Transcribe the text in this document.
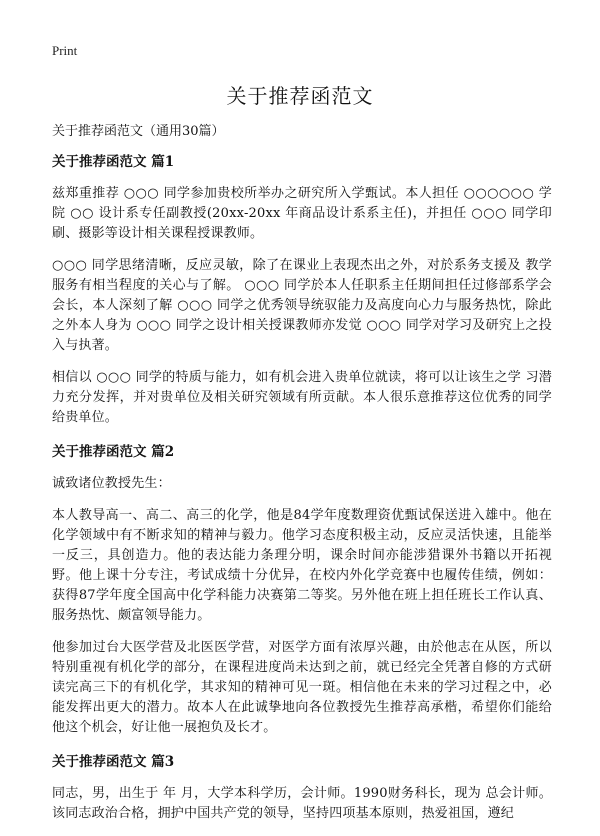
Print
关于推荐函范文
关于推荐函范文（通用30篇）
关于推荐函范文 篇1

兹郑重推荐 ○○○ 同学参加贵校所举办之研究所入学甄试。本人担任 ○○○○○○ 学院 ○○ 设计系专任副教授(20xx-20xx 年商品设计系系主任)，并担任 ○○○ 同学印刷、摄影等设计相关课程授课教师。

○○○ 同学思绪清晰，反应灵敏，除了在课业上表现杰出之外，对於系务支援及 教学服务有相当程度的关心与了解。 ○○○ 同学於本人任职系主任期间担任过修部系学会会长，本人深刻了解 ○○○ 同学之优秀领导统驭能力及高度向心力与服务热忱，除此之外本人身为 ○○○ 同学之设计相关授课教师亦发觉 ○○○ 同学对学习及研究上之投入与执著。

相信以 ○○○ 同学的特质与能力，如有机会进入贵单位就读，将可以让该生之学 习潜力充分发挥，并对贵单位及相关研究领域有所贡献。本人很乐意推荐这位优秀的同学给贵单位。

关于推荐函范文 篇2

诚致诸位教授先生：

本人教导高一、高二、高三的化学，他是84学年度数理资优甄试保送进入雄中。他在化学领域中有不断求知的精神与毅力。他学习态度积极主动，反应灵活快速，且能举一反三，具创造力。他的表达能力条理分明，课余时间亦能涉猎课外书籍以开拓视野。他上课十分专注，考试成绩十分优异，在校内外化学竞赛中也履传佳绩，例如：获得87学年度全国高中化学科能力决赛第二等奖。另外他在班上担任班长工作认真、服务热忱、颇富领导能力。

他参加过台大医学营及北医医学营，对医学方面有浓厚兴趣，由於他志在从医，所以特别重视有机化学的部分，在课程进度尚未达到之前，就已经完全凭著自修的方式研读完高三下的有机化学，其求知的精神可见一斑。相信他在未来的学习过程之中，必能发挥出更大的潜力。故本人在此诚挚地向各位教授先生推荐高承楷，希望你们能给他这个机会，好让他一展抱负及长才。

关于推荐函范文 篇3

同志，男，出生于 年 月，大学本科学历，会计师。1990财务科长，现为 总会计师。该同志政治合格，拥护中国共产党的领导，坚持四项基本原则，热爱祖国，遵纪
